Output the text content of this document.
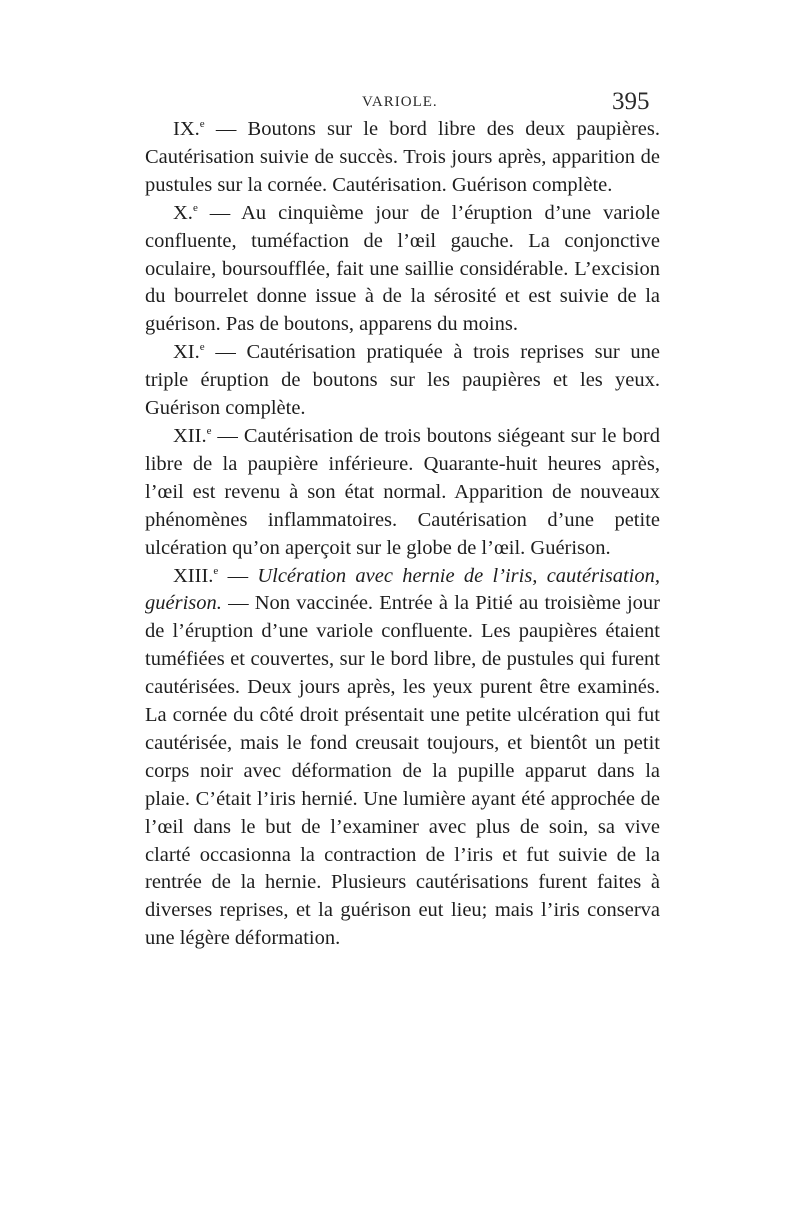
VARIOLE.	395

IX.$^e$ — Boutons sur le bord libre des deux paupières. Cautérisation suivie de succès. Trois jours après, apparition de pustules sur la cornée. Cautérisation. Guérison complète.

X.$^e$ — Au cinquième jour de l’éruption d’une variole confluente, tuméfaction de l’œil gauche. La conjonctive oculaire, boursoufflée, fait une saillie considérable. L’excision du bourrelet donne issue à de la sérosité et est suivie de la guérison. Pas de boutons, apparens du moins.

XI.$^e$ — Cautérisation pratiquée à trois reprises sur une triple éruption de boutons sur les paupières et les yeux. Guérison complète.

XII.$^e$ — Cautérisation de trois boutons siégeant sur le bord libre de la paupière inférieure. Quarante-huit heures après, l’œil est revenu à son état normal. Apparition de nouveaux phénomènes inflammatoires. Cautérisation d’une petite ulcération qu’on aperçoit sur le globe de l’œil. Guérison.

XIII.$^e$ — Ulcération avec hernie de l’iris, cautérisation, guérison. — Non vaccinée. Entrée à la Pitié au troisième jour de l’éruption d’une variole confluente. Les paupières étaient tuméfiées et couvertes, sur le bord libre, de pustules qui furent cautérisées. Deux jours après, les yeux purent être examinés. La cornée du côté droit présentait une petite ulcération qui fut cautérisée, mais le fond creusait toujours, et bientôt un petit corps noir avec déformation de la pupille apparut dans la plaie. C’était l’iris hernié. Une lumière ayant été approchée de l’œil dans le but de l’examiner avec plus de soin, sa vive clarté occasionna la contraction de l’iris et fut suivie de la rentrée de la hernie. Plusieurs cautérisations furent faites à diverses reprises, et la guérison eut lieu; mais l’iris conserva une légère déformation.
